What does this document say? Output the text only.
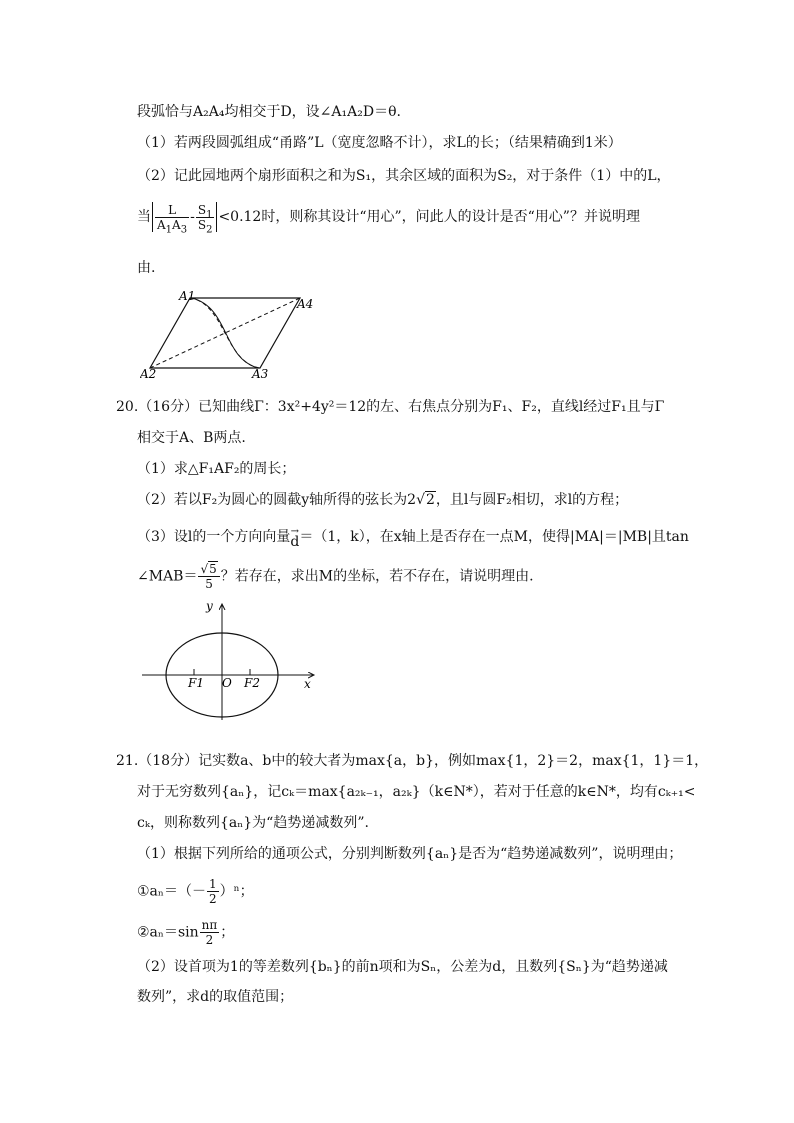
段弧恰与A₂A₄均相交于D，设∠A₁A₂D＝θ.
（1）若两段圆弧组成“甬路”L（宽度忽略不计），求L的长；（结果精确到1米）
（2）记此园地两个扇形面积之和为S₁，其余区域的面积为S₂，对于条件（1）中的L，
当 $\frac{L}{A_1A_3} - \frac{S_1}{S_2} <0.12$时，则称其设计“用心”，问此人的设计是否“用心”？并说明理
由.
A1
A4
A2	A3
20.（16分）已知曲线Γ：3x²+4y²＝12的左、右焦点分别为F₁、F₂，直线l经过F₁且与Γ
相交于A、B两点.
（1）求△F₁AF₂的周长；
（2）若以F₂为圆心的圆截y轴所得的弦长为2√2，且l与圆F₂相切，求l的方程；
（3）设l的一个方向向量 →
d＝（1，k），在x轴上是否存在一点M，使得|MA|＝|MB|且tan
∠MAB＝ $\frac{√5}{5}$ ？若存在，求出M的坐标，若不存在，请说明理由.
y
x
O
F1	F2
21.（18分）记实数a、b中的较大者为max{a，b}，例如max{1，2}＝2，max{1，1}＝1，
对于无穷数列{aₙ}，记cₖ＝max{a₂ₖ₋₁，a₂ₖ}（k∈N*），若对于任意的k∈N*，均有cₖ₊₁<
cₖ，则称数列{aₙ}为“趋势递减数列”.
（1）根据下列所给的通项公式，分别判断数列{aₙ}是否为“趋势递减数列”，说明理由；
①aₙ＝（－ $\frac{1}{2} )^n$；
②aₙ＝sin $\frac{n\pi}{2}$ ；
（2）设首项为1的等差数列{bₙ}的前n项和为Sₙ，公差为d，且数列{Sₙ}为“趋势递减
数列”，求d的取值范围；
